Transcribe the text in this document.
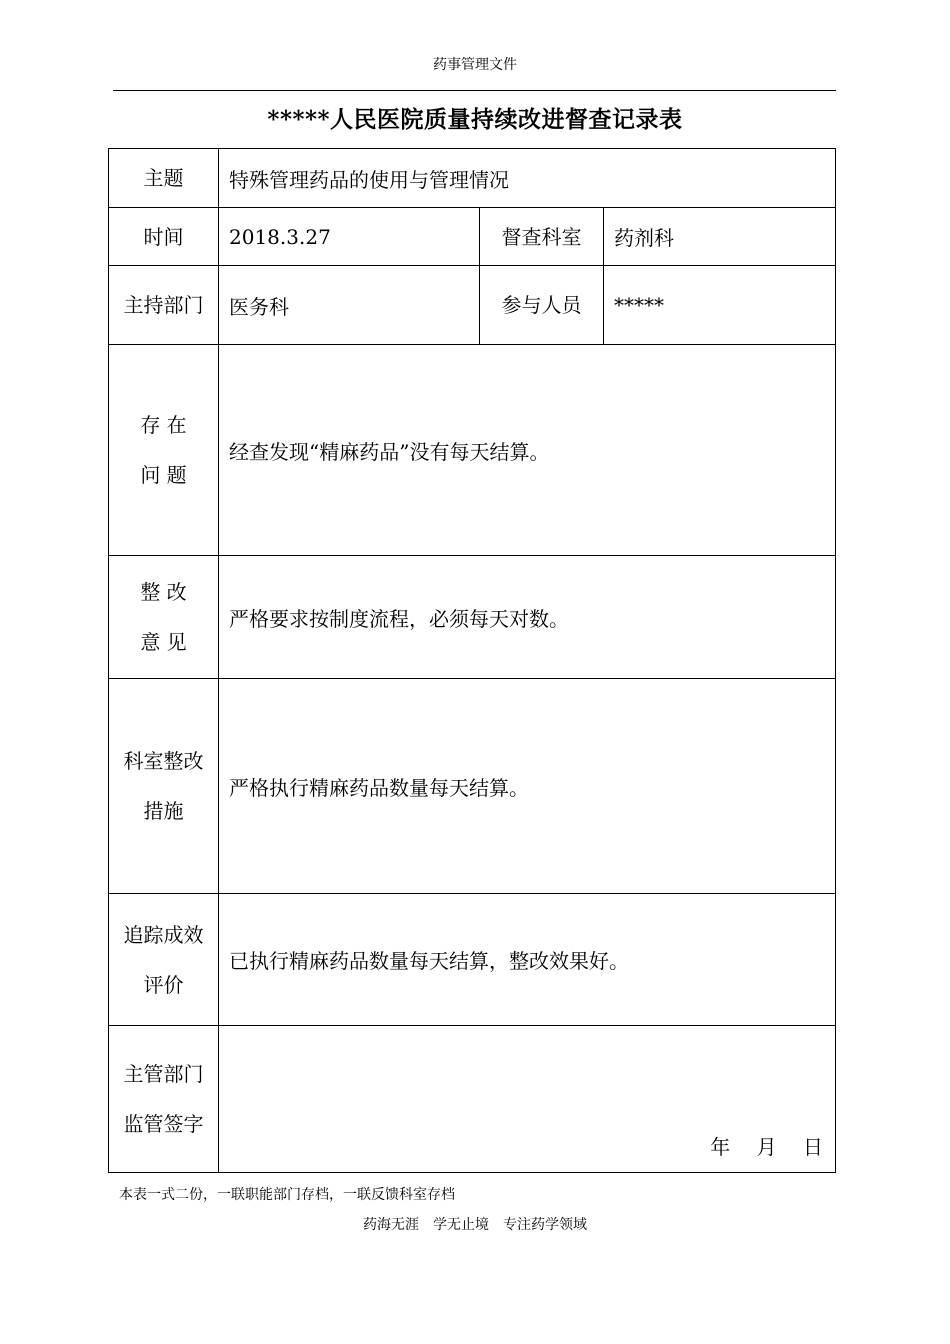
药事管理文件
*****人民医院质量持续改进督查记录表
主题	特殊管理药品的使用与管理情况		
时间	2018.3.27	督查科室	药剂科
主持部门	医务科	参与人员	*****

存 在
问 题	经查发现“精麻药品”没有每天结算。		

整 改
意 见	严格要求按制度流程，必须每天对数。		

科室整改
措施	严格执行精麻药品数量每天结算。		

追踪成效
评价	已执行精麻药品数量每天结算，整改效果好。		

主管部门
监管签字	年　 月　 日		
本表一式二份，一联职能部门存档，一联反馈科室存档
药海无涯　学无止境　专注药学领域
